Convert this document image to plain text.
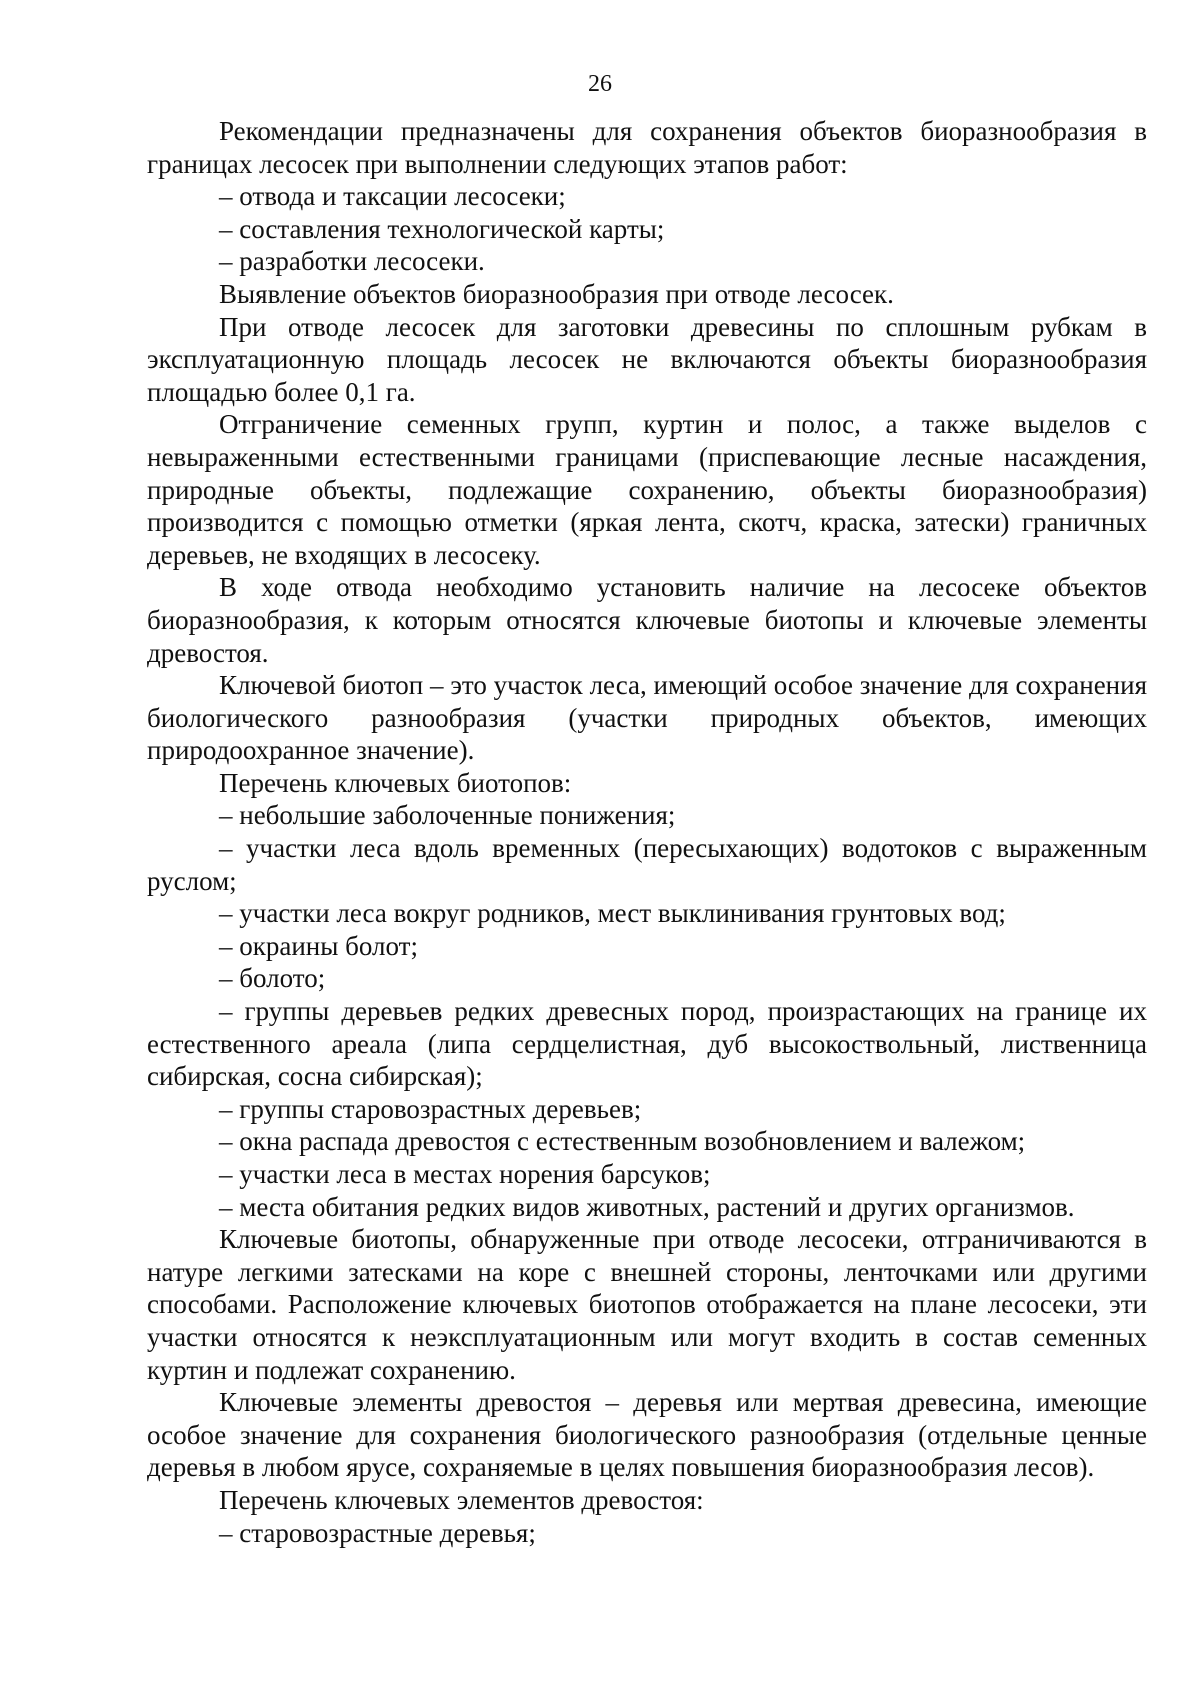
26

Рекомендации предназначены для сохранения объектов биоразнообразия в границах лесосек при выполнении следующих этапов работ:

– отвода и таксации лесосеки;

– составления технологической карты;

– разработки лесосеки.

Выявление объектов биоразнообразия при отводе лесосек.

При отводе лесосек для заготовки древесины по сплошным рубкам в эксплуатационную площадь лесосек не включаются объекты биоразнообразия площадью более 0,1 га.

Отграничение семенных групп, куртин и полос, а также выделов с невыраженными естественными границами (приспевающие лесные насаждения, природные объекты, подлежащие сохранению, объекты биоразнообразия) производится с помощью отметки (яркая лента, скотч, краска, затески) граничных деревьев, не входящих в лесосеку.

В ходе отвода необходимо установить наличие на лесосеке объектов биоразнообразия, к которым относятся ключевые биотопы и ключевые элементы древостоя.

Ключевой биотоп – это участок леса, имеющий особое значение для сохранения биологического разнообразия (участки природных объектов, имеющих природоохранное значение).

Перечень ключевых биотопов:

– небольшие заболоченные понижения;

– участки леса вдоль временных (пересыхающих) водотоков с выраженным руслом;

– участки леса вокруг родников, мест выклинивания грунтовых вод;

– окраины болот;

– болото;

– группы деревьев редких древесных пород, произрастающих на границе их естественного ареала (липа сердцелистная, дуб высокоствольный, лиственница сибирская, сосна сибирская);

– группы старовозрастных деревьев;

– окна распада древостоя с естественным возобновлением и валежом;

– участки леса в местах норения барсуков;

– места обитания редких видов животных, растений и других организмов.

Ключевые биотопы, обнаруженные при отводе лесосеки, отграничиваются в натуре легкими затесками на коре с внешней стороны, ленточками или другими способами. Расположение ключевых биотопов отображается на плане лесосеки, эти участки относятся к неэксплуатационным или могут входить в состав семенных куртин и подлежат сохранению.

Ключевые элементы древостоя – деревья или мертвая древесина, имеющие особое значение для сохранения биологического разнообразия (отдельные ценные деревья в любом ярусе, сохраняемые в целях повышения биоразнообразия лесов).

Перечень ключевых элементов древостоя:

– старовозрастные деревья;
